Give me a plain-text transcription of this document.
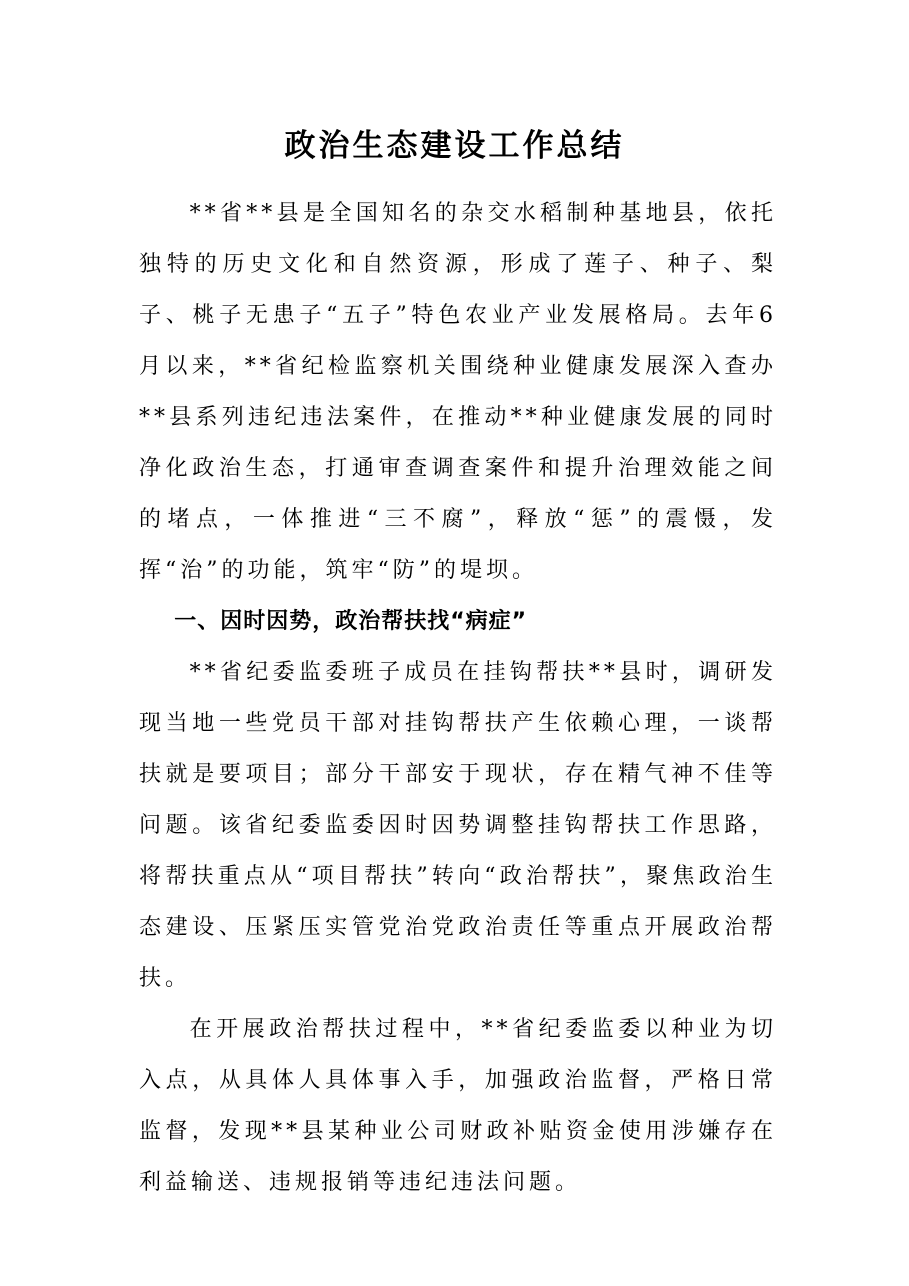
政治生态建设工作总结

**省**县是全国知名的杂交水稻制种基地县，依托独特的历史文化和自然资源，形成了莲子、种子、梨子、桃子无患子“五子”特色农业产业发展格局。去年6月以来，**省纪检监察机关围绕种业健康发展深入查办**县系列违纪违法案件，在推动**种业健康发展的同时净化政治生态，打通审查调查案件和提升治理效能之间的堵点，一体推进“三不腐”，释放“惩”的震慑，发挥“治”的功能，筑牢“防”的堤坝。

一、因时因势，政治帮扶找“病症”

**省纪委监委班子成员在挂钩帮扶**县时，调研发现当地一些党员干部对挂钩帮扶产生依赖心理，一谈帮扶就是要项目；部分干部安于现状，存在精气神不佳等问题。该省纪委监委因时因势调整挂钩帮扶工作思路，将帮扶重点从“项目帮扶”转向“政治帮扶”，聚焦政治生态建设、压紧压实管党治党政治责任等重点开展政治帮扶。

在开展政治帮扶过程中，**省纪委监委以种业为切入点，从具体人具体事入手，加强政治监督，严格日常监督，发现**县某种业公司财政补贴资金使用涉嫌存在利益输送、违规报销等违纪违法问题。
